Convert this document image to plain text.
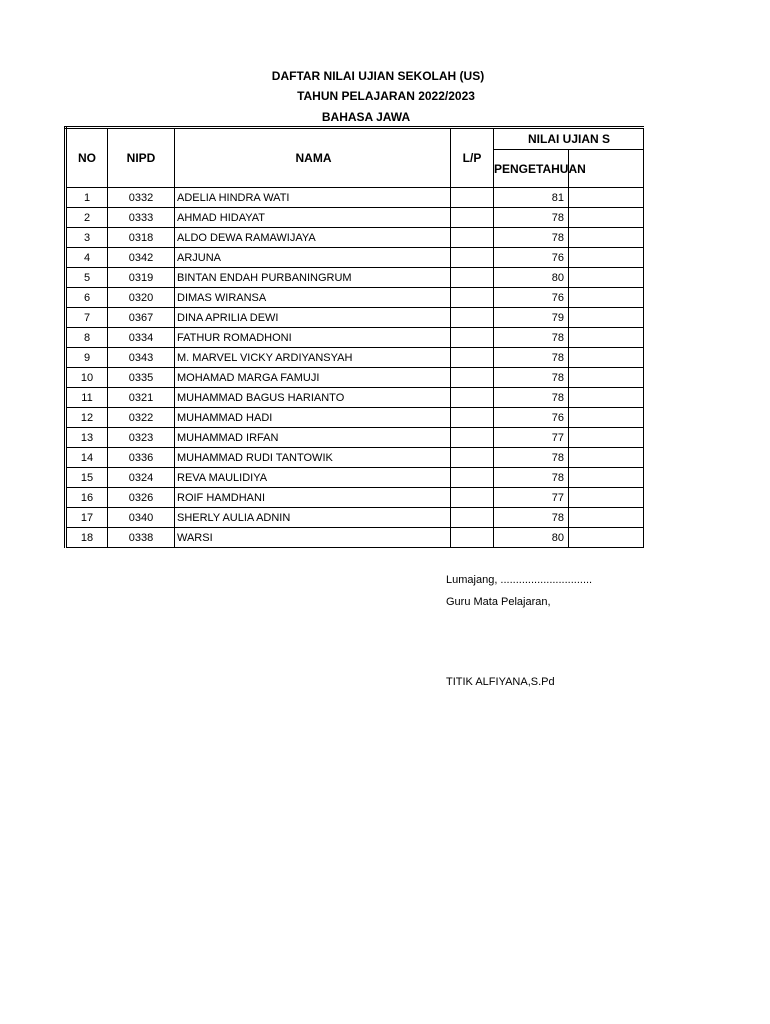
DAFTAR NILAI UJIAN SEKOLAH (US)
TAHUN PELAJARAN 2022/2023
BAHASA JAWA
NO	NIPD	NAMA	L/P	NILAI UJIAN S	
				PENGETAHUAN	
1	0332	ADELIA HINDRA WATI		81	
2	0333	AHMAD HIDAYAT		78	
3	0318	ALDO DEWA RAMAWIJAYA		78	
4	0342	ARJUNA		76	
5	0319	BINTAN ENDAH PURBANINGRUM		80	
6	0320	DIMAS WIRANSA		76	
7	0367	DINA APRILIA DEWI		79	
8	0334	FATHUR ROMADHONI		78	
9	0343	M. MARVEL VICKY ARDIYANSYAH		78	
10	0335	MOHAMAD MARGA FAMUJI		78	
11	0321	MUHAMMAD BAGUS HARIANTO		78	
12	0322	MUHAMMAD HADI		76	
13	0323	MUHAMMAD IRFAN		77	
14	0336	MUHAMMAD RUDI TANTOWIK		78	
15	0324	REVA MAULIDIYA		78	
16	0326	ROIF HAMDHANI		77	
17	0340	SHERLY AULIA ADNIN		78	
18	0338	WARSI		80	
Lumajang, ..............................
Guru Mata Pelajaran,
TITIK ALFIYANA,S.Pd
